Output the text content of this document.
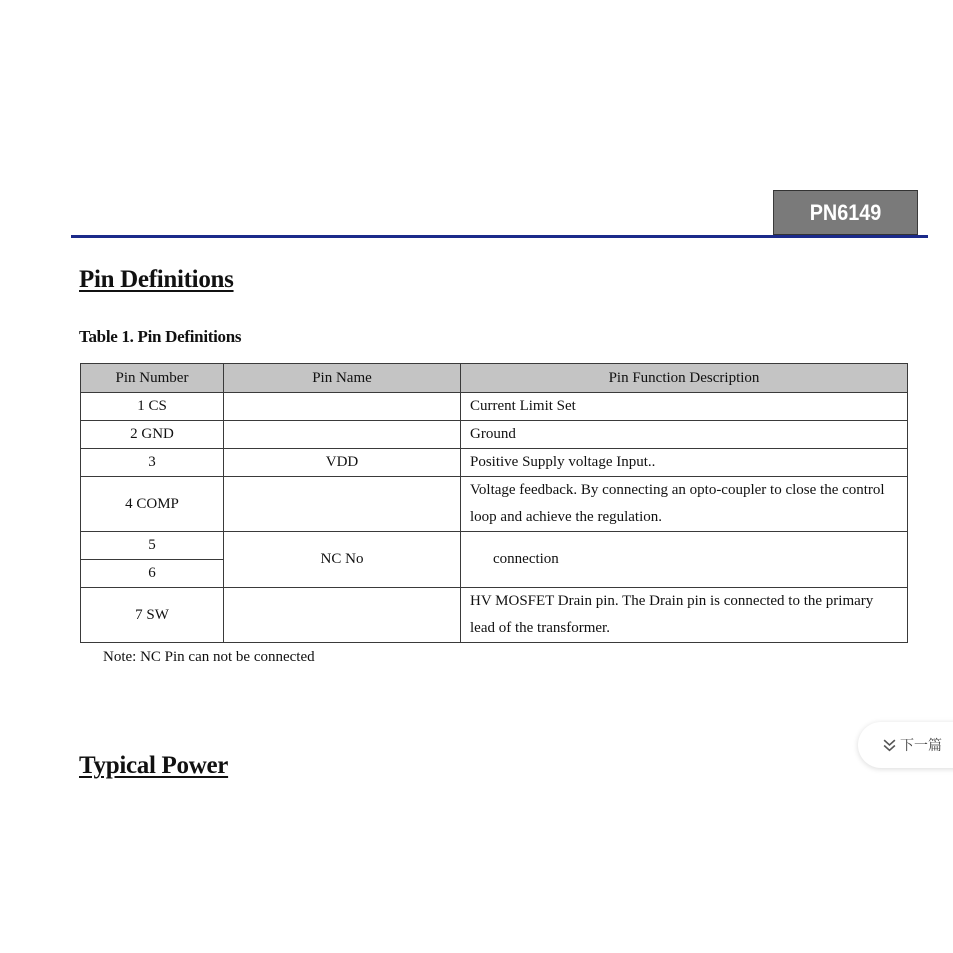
PN6149
Pin Definitions
Table 1. Pin Definitions
Pin Number	Pin Name	Pin Function Description
1 CS		Current Limit Set
2 GND		Ground
3	VDD	Positive Supply voltage Input..
4 COMP		Voltage feedback. By connecting an opto-coupler to close the control loop and achieve the regulation.
5	NC No	connection
6		
7 SW		HV MOSFET Drain pin. The Drain pin is connected to the primary lead of the transformer.
Note: NC Pin can not be connected
下一篇
Typical Power
